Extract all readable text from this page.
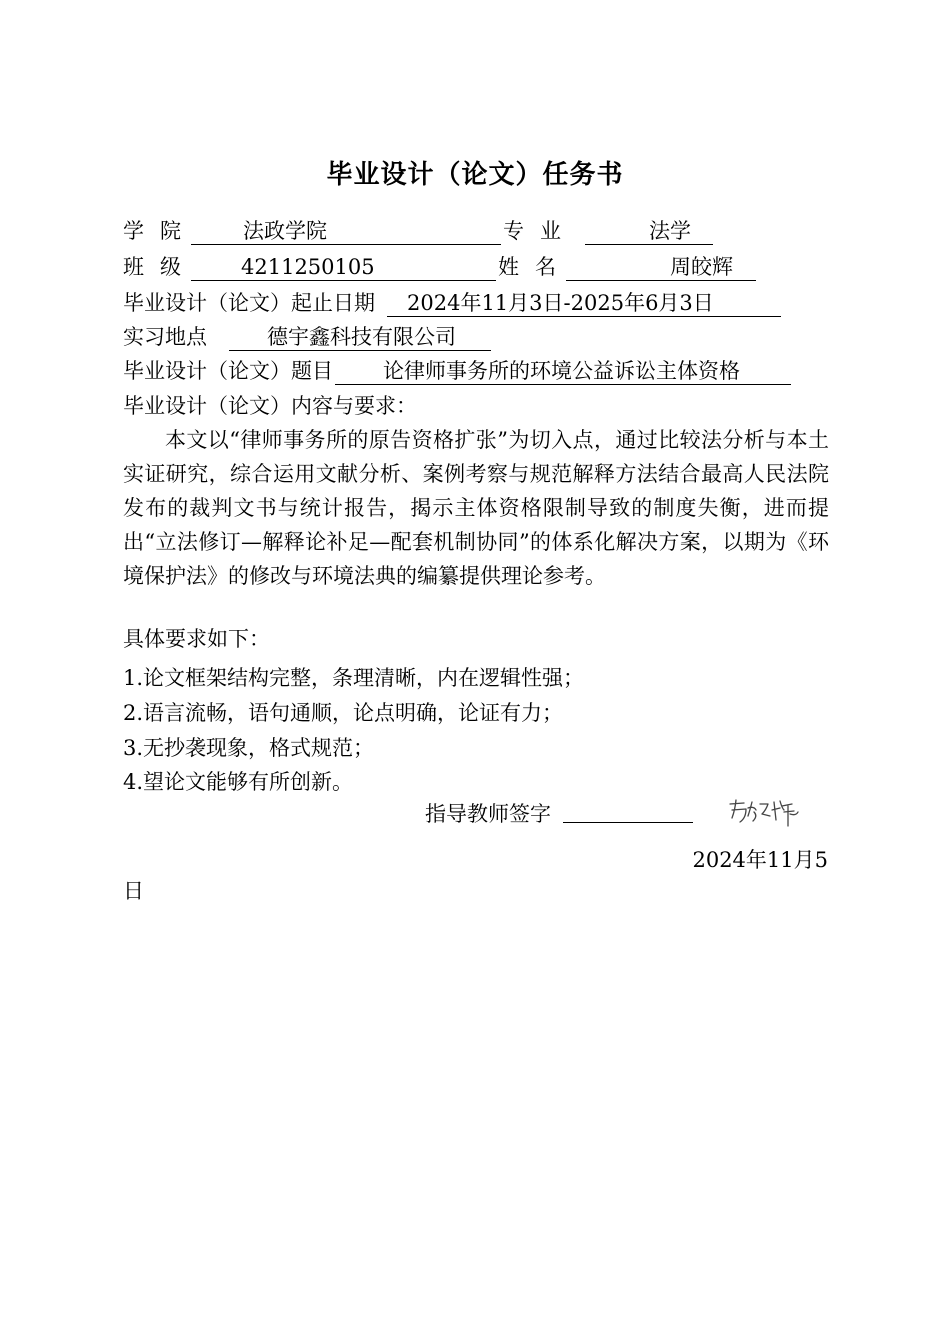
毕业设计（论文）任务书
学院 法政学院	专业	法学
班级 4211250105	姓名	周皎辉
毕业设计（论文）起止日期 2024年11月3日-2025年6月3日
实习地点	德宇鑫科技有限公司
毕业设计（论文）题目 论律师事务所的环境公益诉讼主体资格
毕业设计（论文）内容与要求：
本文以“律师事务所的原告资格扩张”为切入点，通过比较法分析与本土实证研究，综合运用文献分析、案例考察与规范解释方法结合最高人民法院发布的裁判文书与统计报告，揭示主体资格限制导致的制度失衡，进而提出“立法修订—解释论补足—配套机制协同”的体系化解决方案，以期为《环境保护法》的修改与环境法典的编纂提供理论参考。
具体要求如下：
1.论文框架结构完整，条理清晰，内在逻辑性强；
2.语言流畅，语句通顺，论点明确，论证有力；
3.无抄袭现象，格式规范；
4.望论文能够有所创新。
指导教师签字
2024年11月5
日
